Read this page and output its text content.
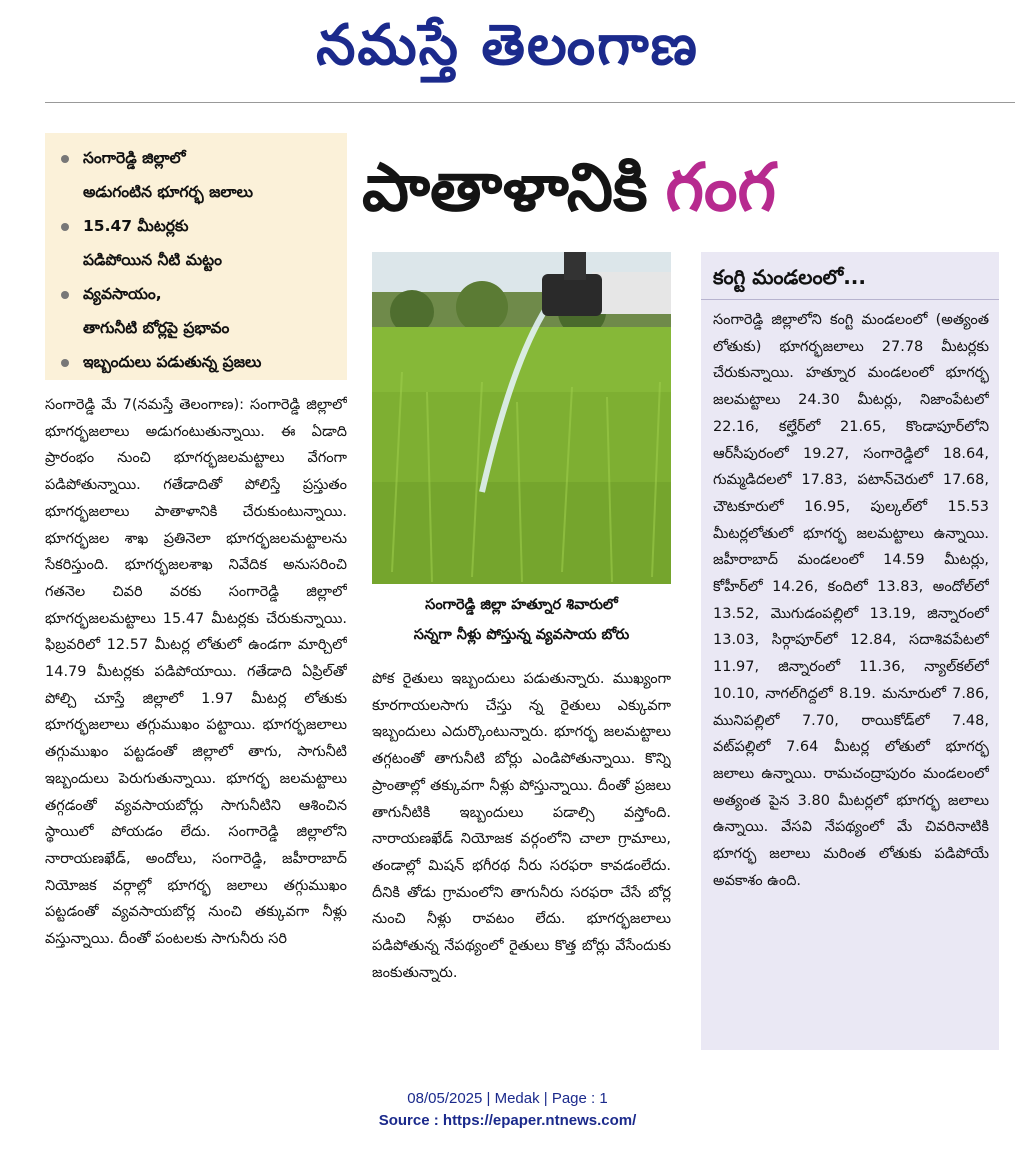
నమస్తే తెలంగాణ
సంగారెడ్డి జిల్లాలో
అడుగంటిన భూగర్భ జలాలు
15.47 మీటర్లకు
పడిపోయిన నీటి మట్టం
వ్యవసాయం,
తాగునీటి బోర్లపై ప్రభావం
ఇబ్బందులు పడుతున్న ప్రజలు
పాతాళానికి గంగ
సంగారెడ్డి మే 7(నమస్తే తెలంగాణ): సంగారెడ్డి జిల్లాలో భూగర్భజలాలు అడుగంటుతున్నాయి. ఈ ఏడాది ప్రారంభం నుంచి భూగర్భజలమట్టాలు వేగంగా పడిపోతున్నాయి. గతేడాదితో పోలిస్తే ప్రస్తుతం భూగర్భజలాలు పాతాళానికి చేరుకుంటున్నాయి. భూగర్భజల శాఖ ప్రతినెలా భూగర్భజలమట్టాలను సేకరిస్తుంది. భూగర్భజలశాఖ నివేదిక అనుసరించి గతనెల చివరి వరకు సంగారెడ్డి జిల్లాలో భూగర్భజలమట్టాలు 15.47 మీటర్లకు చేరుకున్నాయి. ఫిబ్రవరిలో 12.57 మీటర్ల లోతులో ఉండగా మార్చిలో 14.79 మీటర్లకు పడిపోయాయి. గతేడాది ఏప్రిల్‌తో పోల్చి చూస్తే జిల్లాలో 1.97 మీటర్ల లోతుకు భూగర్భజలాలు తగ్గుముఖం పట్టాయి. భూగర్భజలాలు తగ్గుముఖం పట్టడంతో జిల్లాలో తాగు, సాగునీటి ఇబ్బందులు పెరుగుతున్నాయి. భూగర్భ జలమట్టాలు తగ్గడంతో వ్యవసాయబోర్లు సాగునీటిని ఆశించిన స్థాయిలో పోయడం లేదు. సంగారెడ్డి జిల్లాలోని నారాయణఖేడ్, అందోలు, సంగారెడ్డి, జహీరాబాద్ నియోజక వర్గాల్లో భూగర్భ జలాలు తగ్గుముఖం పట్టడంతో వ్యవసాయబోర్ల నుంచి తక్కువగా నీళ్లు వస్తున్నాయి. దీంతో పంటలకు సాగునీరు సరి
సంగారెడ్డి జిల్లా హత్నూర శివారులో
సన్నగా నీళ్లు పోస్తున్న వ్యవసాయ బోరు
పోక రైతులు ఇబ్బందులు పడుతున్నారు. ముఖ్యంగా కూరగాయలసాగు చేస్తు న్న రైతులు ఎక్కువగా ఇబ్బందులు ఎదుర్కొంటున్నారు. భూగర్భ జలమట్టాలు తగ్గటంతో తాగునీటి బోర్లు ఎండిపోతున్నాయి. కొన్ని ప్రాంతాల్లో తక్కువగా నీళ్లు పోస్తున్నాయి. దీంతో ప్రజలు తాగునీటికి ఇబ్బందులు పడాల్సి వస్తోంది. నారాయణఖేడ్ నియోజక వర్గంలోని చాలా గ్రామాలు, తండాల్లో మిషన్ భగీరథ నీరు సరఫరా కావడంలేదు. దీనికి తోడు గ్రామంలోని తాగునీరు సరఫరా చేసే బోర్ల నుంచి నీళ్లు రావటం లేదు. భూగర్భజలాలు పడిపోతున్న నేపథ్యంలో రైతులు కొత్త బోర్లు వేసేందుకు జంకుతున్నారు.
కంగ్టి మండలంలో...
సంగారెడ్డి జిల్లాలోని కంగ్టి మండలంలో (అత్యంత లోతుకు) భూగర్భజలాలు 27.78 మీటర్లకు చేరుకున్నాయి. హత్నూర మండలంలో భూగర్భ జలమట్టాలు 24.30 మీటర్లు, నిజాంపేటలో 22.16, కల్హేర్‌లో 21.65, కొండాపూర్‌లోని ఆర్‌సీపురంలో 19.27, సంగారెడ్డిలో 18.64, గుమ్మడిదలలో 17.83, పటాన్‌చెరులో 17.68, చౌటకూరులో 16.95, పుల్కల్‌లో 15.53 మీటర్లలోతులో భూగర్భ జలమట్టాలు ఉన్నాయి. జహీరాబాద్ మండలంలో 14.59 మీటర్లు, కోహీర్‌లో 14.26, కందిలో 13.83, అందోల్‌లో 13.52, మొగుడంపల్లిలో 13.19, జిన్నారంలో 13.03, సిర్గాపూర్‌లో 12.84, సదాశివపేటలో 11.97, జిన్నారంలో 11.36, న్యాల్‌కల్‌లో 10.10, నాగల్‌గిద్దలో 8.19. మనూరులో 7.86, మునిపల్లిలో 7.70, రాయికోడ్‌లో 7.48, వట్‌పల్లిలో 7.64 మీటర్ల లోతులో భూగర్భ జలాలు ఉన్నాయి. రామచంద్రాపురం మండలంలో అత్యంత పైన 3.80 మీటర్లలో భూగర్భ జలాలు ఉన్నాయి. వేసవి నేపథ్యంలో మే చివరినాటికి భూగర్భ జలాలు మరింత లోతుకు పడిపోయే అవకాశం ఉంది.
08/05/2025 | Medak | Page : 1
Source : https://epaper.ntnews.com/
